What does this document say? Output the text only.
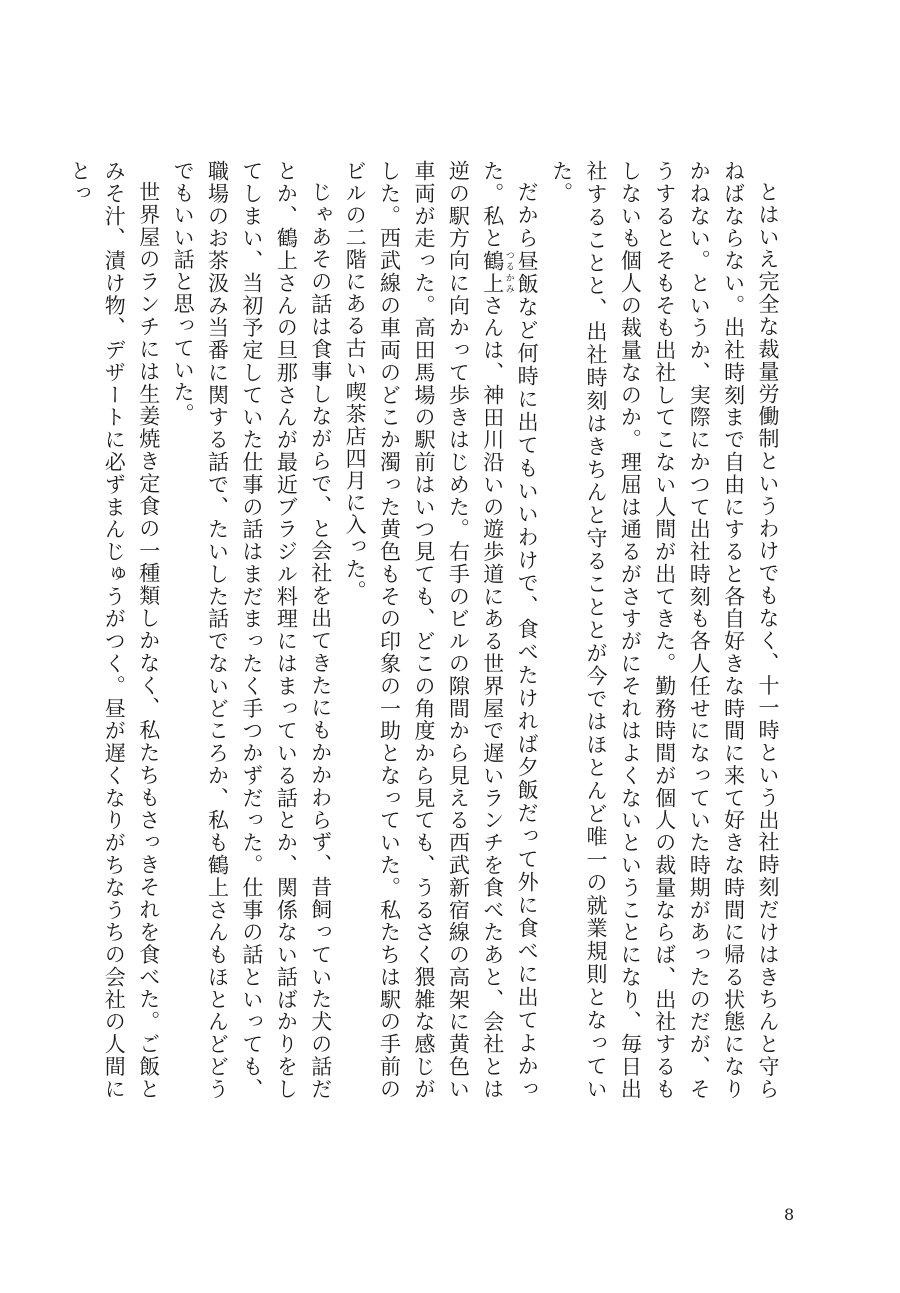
とはいえ完全な裁量労働制というわけでもなく、十一時という出社時刻だけはきちんと守らねばならない。出社時刻まで自由にすると各自好きな時間に来て好きな時間に帰る状態になりかねない。というか、実際にかつて出社時刻も各人任せになっていた時期があったのだが、そうするとそもそも出社してこない人間が出てきた。勤務時間が個人の裁量ならば、出社するもしないも個人の裁量なのか。理屈は通るがさすがにそれはよくないということになり、毎日出社することと、出社時刻はきちんと守ることとが今ではほとんど唯一の就業規則となっていた。

だから昼飯など何時に出てもいいわけで、食べたければ夕飯だって外に食べに出てよかった。私と鶴上 つるかみさんは、神田川沿いの遊歩道にある世界屋で遅いランチを食べたあと、会社とは逆の駅方向に向かって歩きはじめた。右手のビルの隙間から見える西武新宿線の高架に黄色い車両が走った。高田馬場の駅前はいつ見ても、どこの角度から見ても、うるさく猥雑な感じがした。西武線の車両のどこか濁った黄色もその印象の一助となっていた。私たちは駅の手前のビルの二階にある古い喫茶店四月に入った。

じゃあその話は食事しながらで、と会社を出てきたにもかかわらず、昔飼っていた犬の話だとか、鶴上さんの旦那さんが最近ブラジル料理にはまっている話とか、関係ない話ばかりをしてしまい、当初予定していた仕事の話はまだまったく手つかずだった。仕事の話といっても、職場のお茶汲み当番に関する話で、たいした話でないどころか、私も鶴上さんもほとんどどうでもいい話と思っていた。

世界屋のランチには生姜焼き定食の一種類しかなく、私たちもさっきそれを食べた。ご飯とみそ汁、漬け物、デザートに必ずまんじゅうがつく。昼が遅くなりがちなうちの会社の人間にとっ

8
